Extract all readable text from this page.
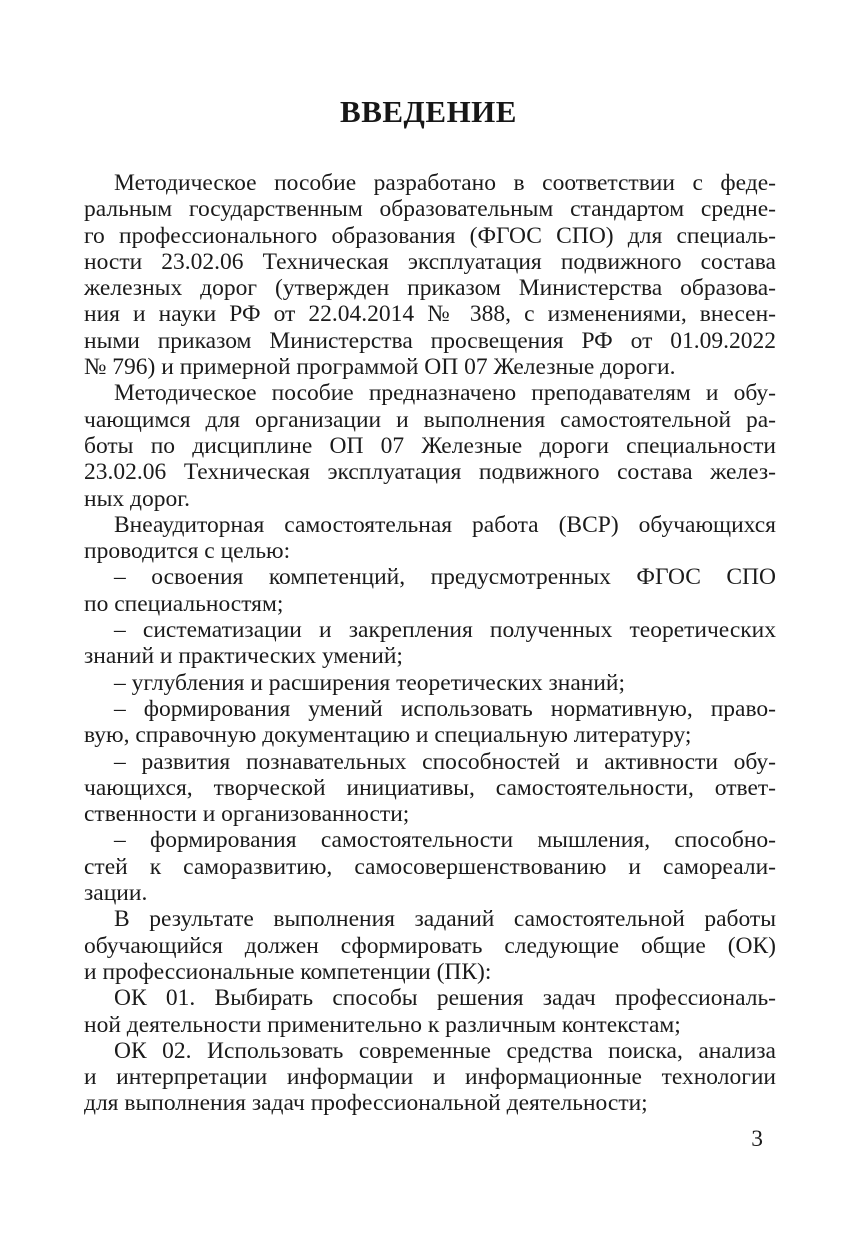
ВВЕДЕНИЕ
Методическое пособие разработано в соответствии с феде-
ральным государственным образовательным стандартом средне-
го профессионального образования (ФГОС СПО) для специаль-
ности 23.02.06 Техническая эксплуатация подвижного состава
железных дорог (утвержден приказом Министерства образова-
ния и науки РФ от 22.04.2014 № 388, с изменениями, внесен-
ными приказом Министерства просвещения РФ от 01.09.2022
№ 796) и примерной программой ОП 07 Железные дороги.
Методическое пособие предназначено преподавателям и обу-
чающимся для организации и выполнения самостоятельной ра-
боты по дисциплине ОП 07 Железные дороги специальности
23.02.06 Техническая эксплуатация подвижного состава желез-
ных дорог.
Внеаудиторная самостоятельная работа (ВСР) обучающихся
проводится с целью:
– освоения компетенций, предусмотренных ФГОС СПО
по специальностям;
– систематизации и закрепления полученных теоретических
знаний и практических умений;
– углубления и расширения теоретических знаний;
– формирования умений использовать нормативную, право-
вую, справочную документацию и специальную литературу;
– развития познавательных способностей и активности обу-
чающихся, творческой инициативы, самостоятельности, ответ-
ственности и организованности;
– формирования самостоятельности мышления, способно-
стей к саморазвитию, самосовершенствованию и самореали-
зации.
В результате выполнения заданий самостоятельной работы
обучающийся должен сформировать следующие общие (ОК)
и профессиональные компетенции (ПК):
ОК 01. Выбирать способы решения задач профессиональ-
ной деятельности применительно к различным контекстам;
ОК 02. Использовать современные средства поиска, анализа
и интерпретации информации и информационные технологии
для выполнения задач профессиональной деятельности;
3
